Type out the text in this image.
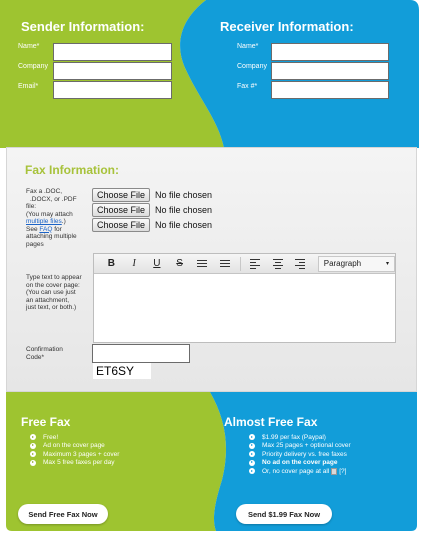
Sender Information:
Name*
Company
Email*
Receiver Information:
Name*
Company
Fax #*
Fax Information:
Fax a .DOC,
.DOCX, or .PDF
file:
(You may attach
multiple files.)
See FAQ for
attaching multiple
pages
Choose File	No file chosen
Choose File	No file chosen
Choose File	No file chosen
Type text to appear
on the cover page:
(You can use just
an attachment,
just text, or both.)
B	I	U	S	Paragraph	▾
Confirmation
Code*
ET6SY
Free Fax
Free!
Ad on the cover page
Maximum 3 pages + cover
Max 5 free faxes per day
Send Free Fax Now
Almost Free Fax
$1.99 per fax (Paypal)
Max 25 pages + optional cover
Priority delivery vs. free faxes
No ad on the cover page
Or, no cover page at all [?]
Send $1.99 Fax Now
